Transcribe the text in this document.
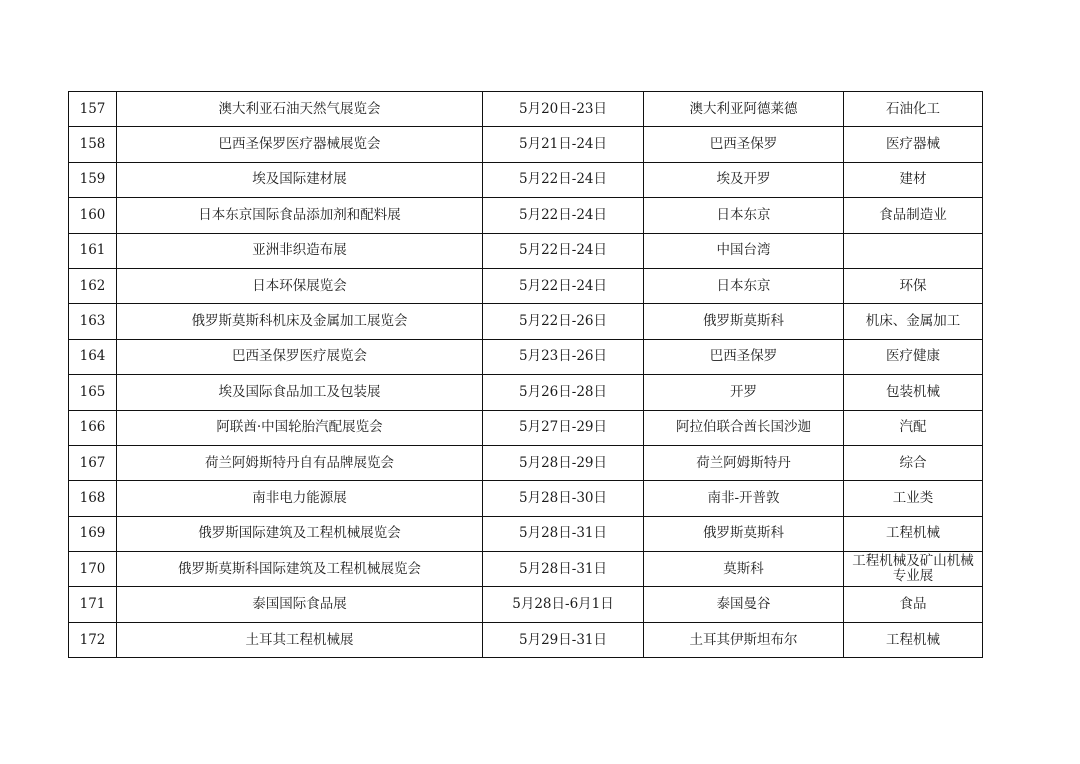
157	澳大利亚石油天然气展览会	5月20日-23日	澳大利亚阿德莱德	石油化工
158	巴西圣保罗医疗器械展览会	5月21日-24日	巴西圣保罗	医疗器械
159	埃及国际建材展	5月22日-24日	埃及开罗	建材
160	日本东京国际食品添加剂和配料展	5月22日-24日	日本东京	食品制造业
161	亚洲非织造布展	5月22日-24日	中国台湾	
162	日本环保展览会	5月22日-24日	日本东京	环保
163	俄罗斯莫斯科机床及金属加工展览会	5月22日-26日	俄罗斯莫斯科	机床、金属加工
164	巴西圣保罗医疗展览会	5月23日-26日	巴西圣保罗	医疗健康
165	埃及国际食品加工及包装展	5月26日-28日	开罗	包装机械
166	阿联酋·中国轮胎汽配展览会	5月27日-29日	阿拉伯联合酋长国沙迦	汽配
167	荷兰阿姆斯特丹自有品牌展览会	5月28日-29日	荷兰阿姆斯特丹	综合
168	南非电力能源展	5月28日-30日	南非-开普敦	工业类
169	俄罗斯国际建筑及工程机械展览会	5月28日-31日	俄罗斯莫斯科	工程机械
170	俄罗斯莫斯科国际建筑及工程机械展览会	5月28日-31日	莫斯科	工程机械及矿山机械专业展
171	泰国国际食品展	5月28日-6月1日	泰国曼谷	食品
172	土耳其工程机械展	5月29日-31日	土耳其伊斯坦布尔	工程机械
